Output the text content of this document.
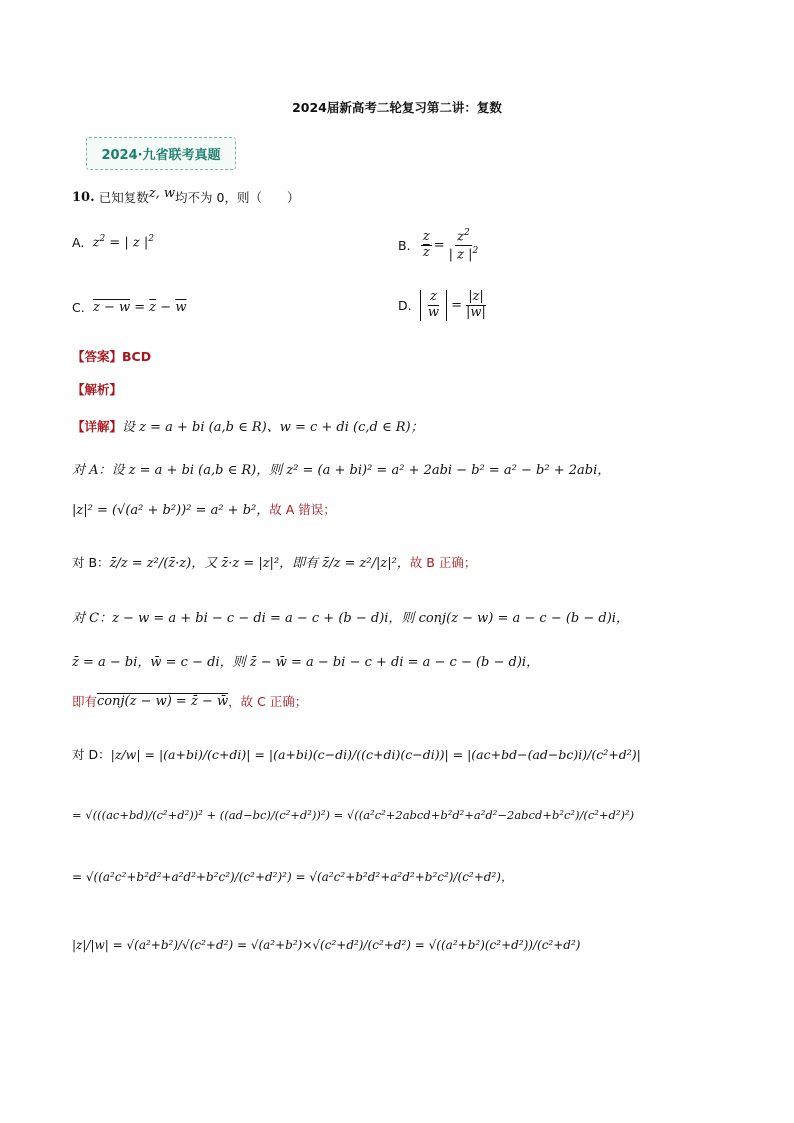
2024届新高考二轮复习第二讲：复数
2024·九省联考真题
10.
已知复数 z, w 均不为 0，则（　　）
A.
$z^2$ = | z $|^2$	B.
$\frac{z}{z} = \frac{z^2}{| z |^2}$
C.
$z - w = \overline{z} - \overline{w}$	D.
$\frac{z}{w} = \frac{|z|}{|w|}$
【答案】 BCD
【解析】
【详解】 设 z = a + bi (a,b ∈ R)、w = c + di (c,d ∈ R)；
对 A：设 z = a + bi (a,b ∈ R)，则 z² = (a + bi)² = a² + 2abi − b² = a² − b² + 2abi，
|z|² = (√(a² + b²))² = a² + b²， 故 A 错误；
对 B： z̄/z = z²/(z̄·z)，又 z̄·z = |z|²，即有 z̄/z = z²/|z|²， 故 B 正确；
对 C：z − w = a + bi − c − di = a − c + (b − d)i，则 conj(z − w) = a − c − (b − d)i，
z̄ = a − bi，w̄ = c − di，则 z̄ − w̄ = a − bi − c + di = a − c − (b − d)i，
即有 conj(z − w) = z̄ − w̄ ，故 C 正确；
对 D： |z/w| = |(a+bi)/(c+di)| = |(a+bi)(c−di)/((c+di)(c−di))| = |(ac+bd−(ad−bc)i)/(c²+d²)|
= √(((ac+bd)/(c²+d²))² + ((ad−bc)/(c²+d²))²) = √((a²c²+2abcd+b²d²+a²d²−2abcd+b²c²)/(c²+d²)²)
= √((a²c²+b²d²+a²d²+b²c²)/(c²+d²)²) = √(a²c²+b²d²+a²d²+b²c²)/(c²+d²)，
|z|/|w| = √(a²+b²)/√(c²+d²) = √(a²+b²)×√(c²+d²)/(c²+d²) = √((a²+b²)(c²+d²))/(c²+d²)
